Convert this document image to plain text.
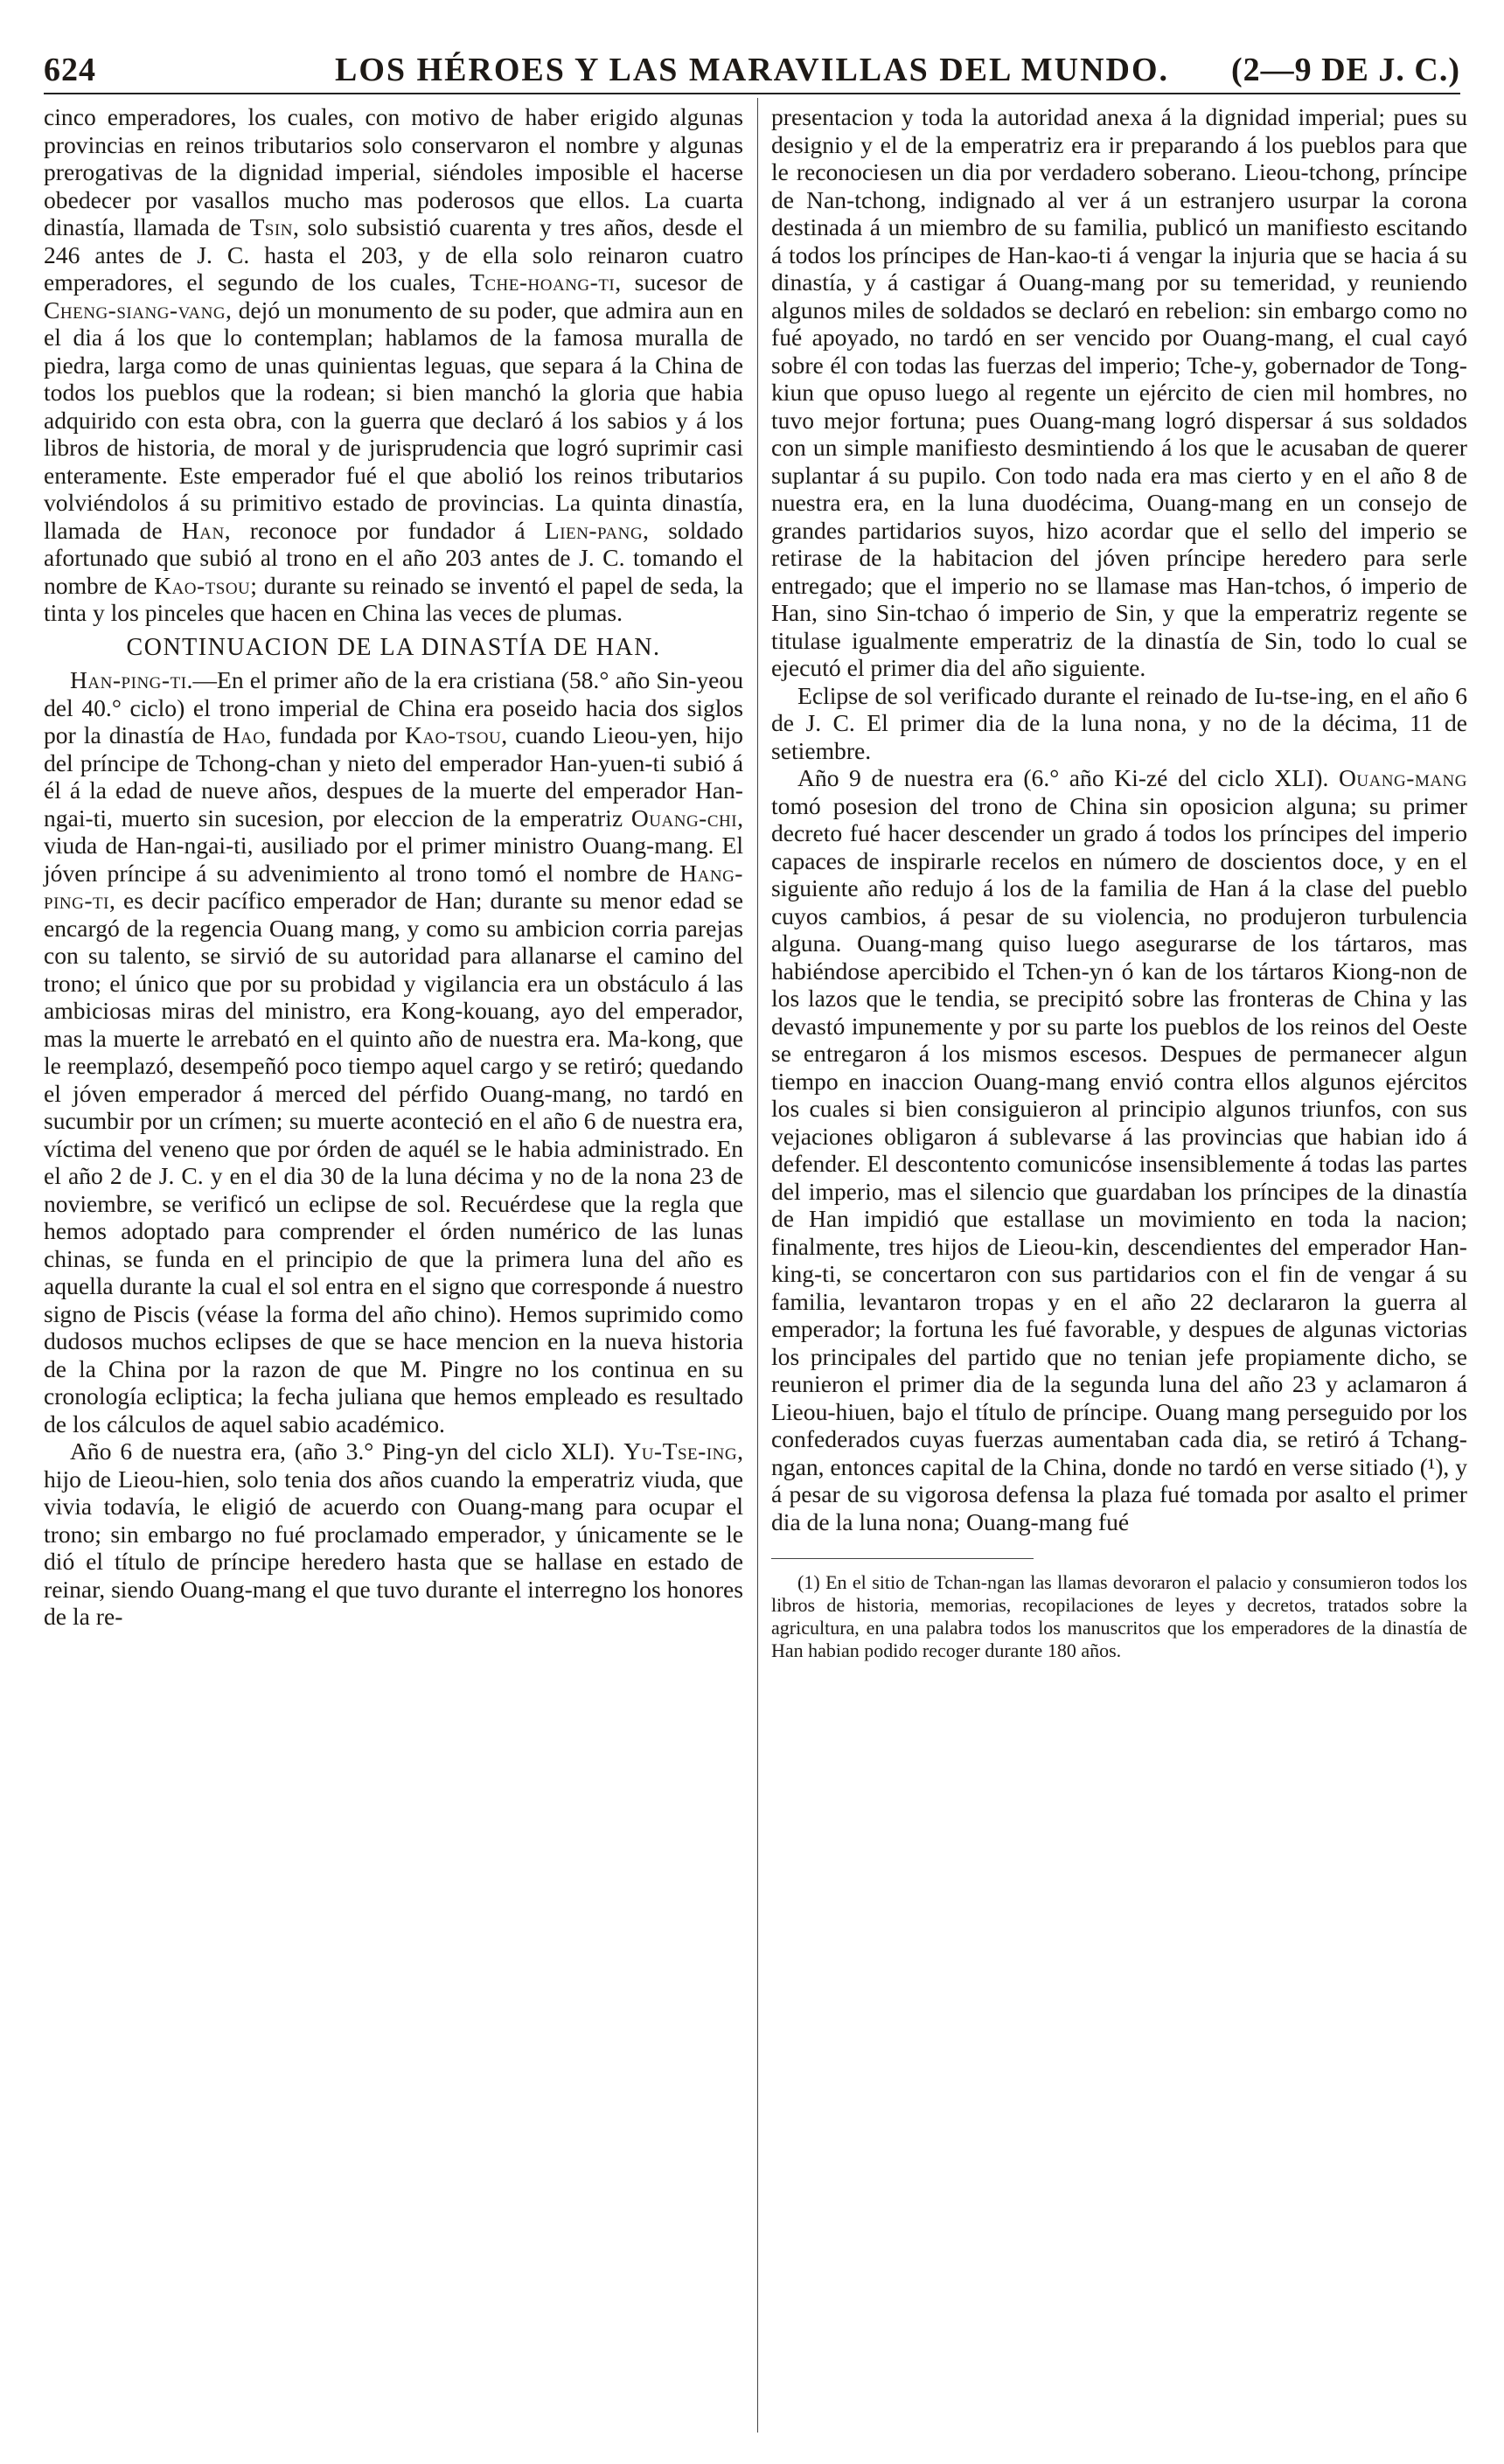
624	LOS HÉROES Y LAS MARAVILLAS DEL MUNDO.	(2—9 DE J. C.)

cinco emperadores, los cuales, con motivo de haber erigido algunas provincias en reinos tributarios solo conservaron el nombre y algunas prerogativas de la dignidad imperial, siéndoles imposible el hacerse obedecer por vasallos mucho mas poderosos que ellos. La cuarta dinastía, llamada de Tsin, solo subsistió cuarenta y tres años, desde el 246 antes de J. C. hasta el 203, y de ella solo reinaron cuatro emperadores, el segundo de los cuales, Tche-hoang-ti, sucesor de Cheng-siang-vang, dejó un monumento de su poder, que admira aun en el dia á los que lo contemplan; hablamos de la famosa muralla de piedra, larga como de unas quinientas leguas, que separa á la China de todos los pueblos que la rodean; si bien manchó la gloria que habia adquirido con esta obra, con la guerra que declaró á los sabios y á los libros de historia, de moral y de jurisprudencia que logró suprimir casi enteramente. Este emperador fué el que abolió los reinos tributarios volviéndolos á su primitivo estado de provincias. La quinta dinastía, llamada de Han, reconoce por fundador á Lien-pang, soldado afortunado que subió al trono en el año 203 antes de J. C. tomando el nombre de Kao-tsou; durante su reinado se inventó el papel de seda, la tinta y los pinceles que hacen en China las veces de plumas.

CONTINUACION DE LA DINASTÍA DE HAN.

Han-ping-ti.—En el primer año de la era cristiana (58.° año Sin-yeou del 40.° ciclo) el trono imperial de China era poseido hacia dos siglos por la dinastía de Hao, fundada por Kao-tsou, cuando Lieou-yen, hijo del príncipe de Tchong-chan y nieto del emperador Han-yuen-ti subió á él á la edad de nueve años, despues de la muerte del emperador Han-ngai-ti, muerto sin sucesion, por eleccion de la emperatriz Ouang-chi, viuda de Han-ngai-ti, ausiliado por el primer ministro Ouang-mang. El jóven príncipe á su advenimiento al trono tomó el nombre de Hang-ping-ti, es decir pacífico emperador de Han; durante su menor edad se encargó de la regencia Ouang mang, y como su ambicion corria parejas con su talento, se sirvió de su autoridad para allanarse el camino del trono; el único que por su probidad y vigilancia era un obstáculo á las ambiciosas miras del ministro, era Kong-kouang, ayo del emperador, mas la muerte le arrebató en el quinto año de nuestra era. Ma-kong, que le reemplazó, desempeñó poco tiempo aquel cargo y se retiró; quedando el jóven emperador á merced del pérfido Ouang-mang, no tardó en sucumbir por un crímen; su muerte aconteció en el año 6 de nuestra era, víctima del veneno que por órden de aquél se le habia administrado. En el año 2 de J. C. y en el dia 30 de la luna décima y no de la nona 23 de noviembre, se verificó un eclipse de sol. Recuérdese que la regla que hemos adoptado para comprender el órden numérico de las lunas chinas, se funda en el principio de que la primera luna del año es aquella durante la cual el sol entra en el signo que corresponde á nuestro signo de Piscis (véase la forma del año chino). Hemos suprimido como dudosos muchos eclipses de que se hace mencion en la nueva historia de la China por la razon de que M. Pingre no los continua en su cronología ecliptica; la fecha juliana que hemos empleado es resultado de los cálculos de aquel sabio académico.

Año 6 de nuestra era, (año 3.° Ping-yn del ciclo XLI). Yu-Tse-ing, hijo de Lieou-hien, solo tenia dos años cuando la emperatriz viuda, que vivia todavía, le eligió de acuerdo con Ouang-mang para ocupar el trono; sin embargo no fué proclamado emperador, y únicamente se le dió el título de príncipe heredero hasta que se hallase en estado de reinar, siendo Ouang-mang el que tuvo durante el interregno los honores de la re-

presentacion y toda la autoridad anexa á la dignidad imperial; pues su designio y el de la emperatriz era ir preparando á los pueblos para que le reconociesen un dia por verdadero soberano. Lieou-tchong, príncipe de Nan-tchong, indignado al ver á un estranjero usurpar la corona destinada á un miembro de su familia, publicó un manifiesto escitando á todos los príncipes de Han-kao-ti á vengar la injuria que se hacia á su dinastía, y á castigar á Ouang-mang por su temeridad, y reuniendo algunos miles de soldados se declaró en rebelion: sin embargo como no fué apoyado, no tardó en ser vencido por Ouang-mang, el cual cayó sobre él con todas las fuerzas del imperio; Tche-y, gobernador de Tong-kiun que opuso luego al regente un ejército de cien mil hombres, no tuvo mejor fortuna; pues Ouang-mang logró dispersar á sus soldados con un simple manifiesto desmintiendo á los que le acusaban de querer suplantar á su pupilo. Con todo nada era mas cierto y en el año 8 de nuestra era, en la luna duodécima, Ouang-mang en un consejo de grandes partidarios suyos, hizo acordar que el sello del imperio se retirase de la habitacion del jóven príncipe heredero para serle entregado; que el imperio no se llamase mas Han-tchos, ó imperio de Han, sino Sin-tchao ó imperio de Sin, y que la emperatriz regente se titulase igualmente emperatriz de la dinastía de Sin, todo lo cual se ejecutó el primer dia del año siguiente.

Eclipse de sol verificado durante el reinado de Iu-tse-ing, en el año 6 de J. C. El primer dia de la luna nona, y no de la décima, 11 de setiembre.

Año 9 de nuestra era (6.° año Ki-zé del ciclo XLI). Ouang-mang tomó posesion del trono de China sin oposicion alguna; su primer decreto fué hacer descender un grado á todos los príncipes del imperio capaces de inspirarle recelos en número de doscientos doce, y en el siguiente año redujo á los de la familia de Han á la clase del pueblo cuyos cambios, á pesar de su violencia, no produjeron turbulencia alguna. Ouang-mang quiso luego asegurarse de los tártaros, mas habiéndose apercibido el Tchen-yn ó kan de los tártaros Kiong-non de los lazos que le tendia, se precipitó sobre las fronteras de China y las devastó impunemente y por su parte los pueblos de los reinos del Oeste se entregaron á los mismos escesos. Despues de permanecer algun tiempo en inaccion Ouang-mang envió contra ellos algunos ejércitos los cuales si bien consiguieron al principio algunos triunfos, con sus vejaciones obligaron á sublevarse á las provincias que habian ido á defender. El descontento comunicóse insensiblemente á todas las partes del imperio, mas el silencio que guardaban los príncipes de la dinastía de Han impidió que estallase un movimiento en toda la nacion; finalmente, tres hijos de Lieou-kin, descendientes del emperador Han-king-ti, se concertaron con sus partidarios con el fin de vengar á su familia, levantaron tropas y en el año 22 declararon la guerra al emperador; la fortuna les fué favorable, y despues de algunas victorias los principales del partido que no tenian jefe propiamente dicho, se reunieron el primer dia de la segunda luna del año 23 y aclamaron á Lieou-hiuen, bajo el título de príncipe. Ouang mang perseguido por los confederados cuyas fuerzas aumentaban cada dia, se retiró á Tchang-ngan, entonces capital de la China, donde no tardó en verse sitiado (¹), y á pesar de su vigorosa defensa la plaza fué tomada por asalto el primer dia de la luna nona; Ouang-mang fué

(1) En el sitio de Tchan-ngan las llamas devoraron el palacio y consumieron todos los libros de historia, memorias, recopilaciones de leyes y decretos, tratados sobre la agricultura, en una palabra todos los manuscritos que los emperadores de la dinastía de Han habian podido recoger durante 180 años.
